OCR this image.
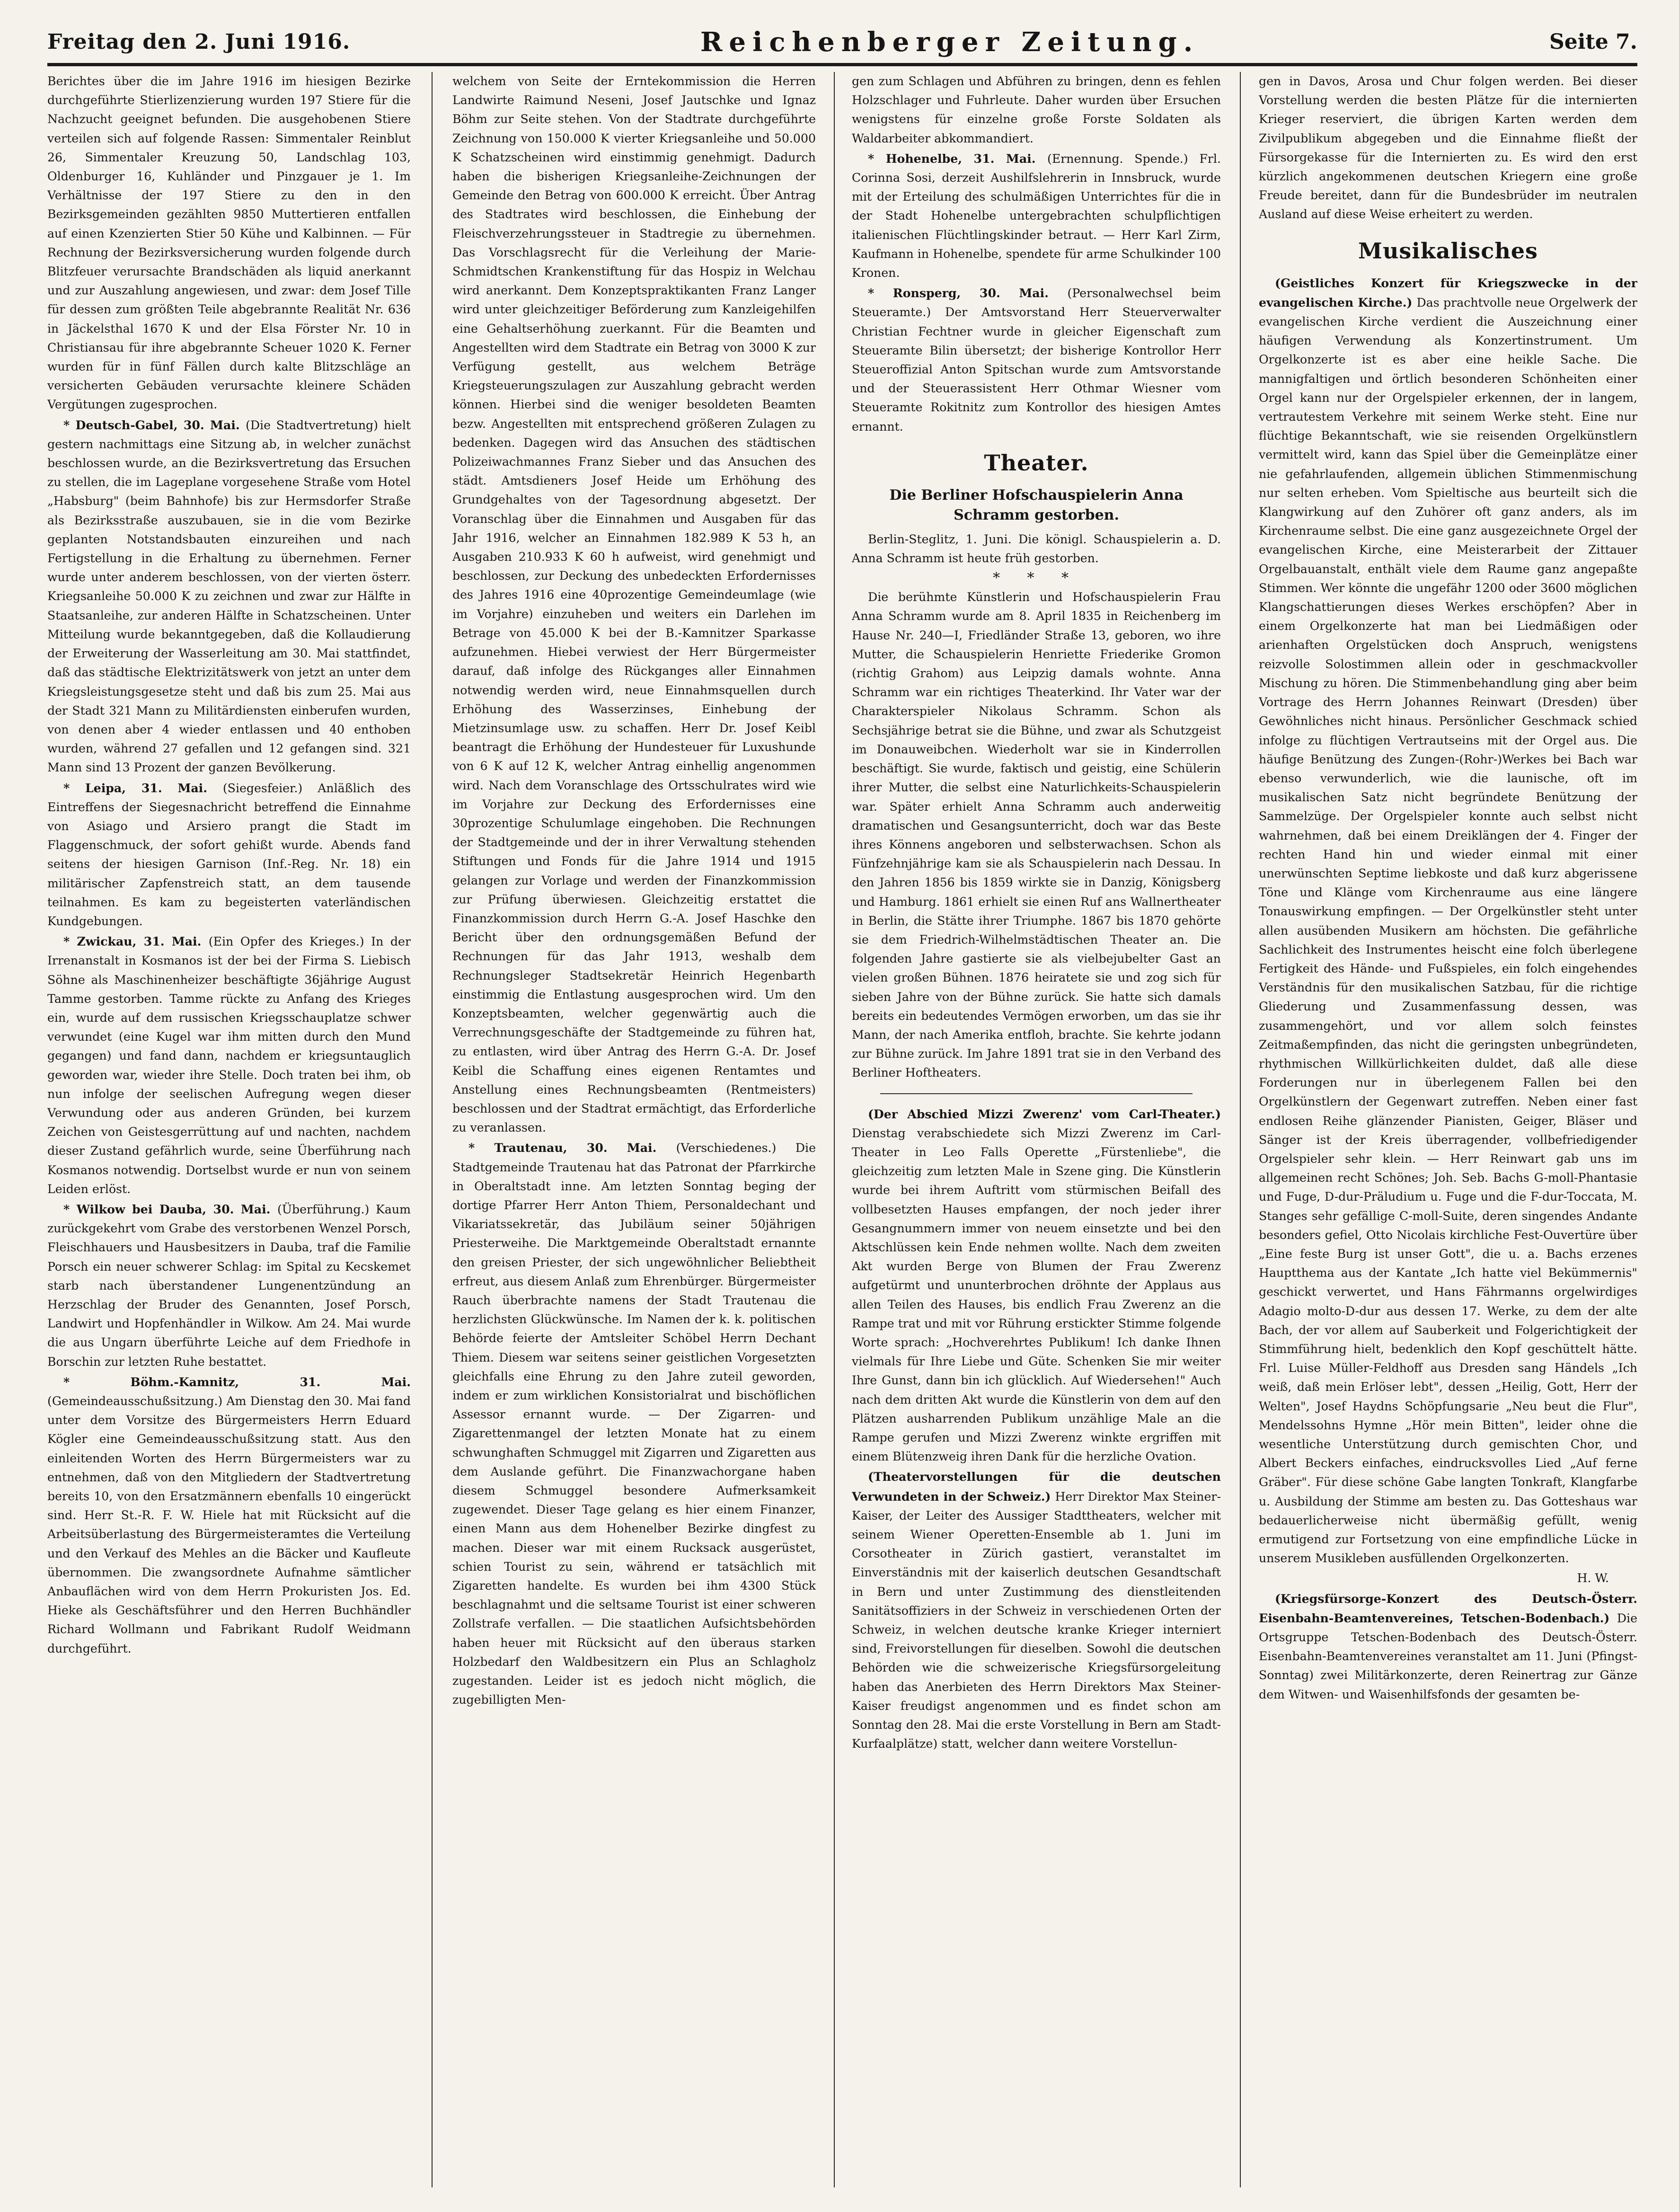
Freitag den 2. Juni 1916.	Reichenberger Zeitung.	Seite 7.

Berichtes über die im Jahre 1916 im hiesigen Bezirke durchgeführte Stierlizenzierung wurden 197 Stiere für die Nachzucht geeignet befunden. Die ausgehobenen Stiere verteilen sich auf folgende Rassen: Simmentaler Reinblut 26, Simmentaler Kreuzung 50, Landschlag 103, Oldenburger 16, Kuhländer und Pinzgauer je 1. Im Verhältnisse der 197 Stiere zu den in den Bezirksgemeinden gezählten 9850 Muttertieren entfallen auf einen Kzenzierten Stier 50 Kühe und Kalbinnen. — Für Rechnung der Bezirksversicherung wurden folgende durch Blitzfeuer verursachte Brandschäden als liquid anerkannt und zur Auszahlung angewiesen, und zwar: dem Josef Tille für dessen zum größten Teile abgebrannte Realität Nr. 636 in Jäckelsthal 1670 K und der Elsa Förster Nr. 10 in Christiansau für ihre abgebrannte Scheuer 1020 K. Ferner wurden für in fünf Fällen durch kalte Blitzschläge an versicherten Gebäuden verursachte kleinere Schäden Vergütungen zugesprochen.

* Deutsch-Gabel, 30. Mai. (Die Stadtvertretung) hielt gestern nachmittags eine Sitzung ab, in welcher zunächst beschlossen wurde, an die Bezirksvertretung das Ersuchen zu stellen, die im Lageplane vorgesehene Straße vom Hotel „Habsburg" (beim Bahnhofe) bis zur Hermsdorfer Straße als Bezirksstraße auszubauen, sie in die vom Bezirke geplanten Notstandsbauten einzureihen und nach Fertigstellung in die Erhaltung zu übernehmen. Ferner wurde unter anderem beschlossen, von der vierten österr. Kriegsanleihe 50.000 K zu zeichnen und zwar zur Hälfte in Staatsanleihe, zur anderen Hälfte in Schatzscheinen. Unter Mitteilung wurde bekanntgegeben, daß die Kollaudierung der Erweiterung der Wasserleitung am 30. Mai stattfindet, daß das städtische Elektrizitätswerk von jetzt an unter dem Kriegsleistungsgesetze steht und daß bis zum 25. Mai aus der Stadt 321 Mann zu Militärdiensten einberufen wurden, von denen aber 4 wieder entlassen und 40 enthoben wurden, während 27 gefallen und 12 gefangen sind. 321 Mann sind 13 Prozent der ganzen Bevölkerung.

* Leipa, 31. Mai. (Siegesfeier.) Anläßlich des Eintreffens der Siegesnachricht betreffend die Einnahme von Asiago und Arsiero prangt die Stadt im Flaggenschmuck, der sofort gehißt wurde. Abends fand seitens der hiesigen Garnison (Inf.-Reg. Nr. 18) ein militärischer Zapfenstreich statt, an dem tausende teilnahmen. Es kam zu begeisterten vaterländischen Kundgebungen.

* Zwickau, 31. Mai. (Ein Opfer des Krieges.) In der Irrenanstalt in Kosmanos ist der bei der Firma S. Liebisch Söhne als Maschinenheizer beschäftigte 36jährige August Tamme gestorben. Tamme rückte zu Anfang des Krieges ein, wurde auf dem russischen Kriegsschauplatze schwer verwundet (eine Kugel war ihm mitten durch den Mund gegangen) und fand dann, nachdem er kriegsuntauglich geworden war, wieder ihre Stelle. Doch traten bei ihm, ob nun infolge der seelischen Aufregung wegen dieser Verwundung oder aus anderen Gründen, bei kurzem Zeichen von Geistesgerrüttung auf und nachten, nachdem dieser Zustand gefährlich wurde, seine Überführung nach Kosmanos notwendig. Dortselbst wurde er nun von seinem Leiden erlöst.

* Wilkow bei Dauba, 30. Mai. (Überführung.) Kaum zurückgekehrt vom Grabe des verstorbenen Wenzel Porsch, Fleischhauers und Hausbesitzers in Dauba, traf die Familie Porsch ein neuer schwerer Schlag: im Spital zu Kecskemet starb nach überstandener Lungenentzündung an Herzschlag der Bruder des Genannten, Josef Porsch, Landwirt und Hopfenhändler in Wilkow. Am 24. Mai wurde die aus Ungarn überführte Leiche auf dem Friedhofe in Borschin zur letzten Ruhe bestattet.

* Böhm.-Kamnitz, 31. Mai. (Gemeindeausschußsitzung.) Am Dienstag den 30. Mai fand unter dem Vorsitze des Bürgermeisters Herrn Eduard Kögler eine Gemeindeausschußsitzung statt. Aus den einleitenden Worten des Herrn Bürgermeisters war zu entnehmen, daß von den Mitgliedern der Stadtvertretung bereits 10, von den Ersatzmännern ebenfalls 10 eingerückt sind. Herr St.-R. F. W. Hiele hat mit Rücksicht auf die Arbeitsüberlastung des Bürgermeisteramtes die Verteilung und den Verkauf des Mehles an die Bäcker und Kaufleute übernommen. Die zwangsordnete Aufnahme sämtlicher Anbauflächen wird von dem Herrn Prokuristen Jos. Ed. Hieke als Geschäftsführer und den Herren Buchhändler Richard Wollmann und Fabrikant Rudolf Weidmann durchgeführt.

welchem von Seite der Erntekommission die Herren Landwirte Raimund Neseni, Josef Jautschke und Ignaz Böhm zur Seite stehen. Von der Stadtrate durchgeführte Zeichnung von 150.000 K vierter Kriegsanleihe und 50.000 K Schatzscheinen wird einstimmig genehmigt. Dadurch haben die bisherigen Kriegsanleihe-Zeichnungen der Gemeinde den Betrag von 600.000 K erreicht. Über Antrag des Stadtrates wird beschlossen, die Einhebung der Fleischverzehrungssteuer in Stadtregie zu übernehmen. Das Vorschlagsrecht für die Verleihung der Marie-Schmidtschen Krankenstiftung für das Hospiz in Welchau wird anerkannt. Dem Konzeptspraktikanten Franz Langer wird unter gleichzeitiger Beförderung zum Kanzleigehilfen eine Gehaltserhöhung zuerkannt. Für die Beamten und Angestellten wird dem Stadtrate ein Betrag von 3000 K zur Verfügung gestellt, aus welchem Beträge Kriegsteuerungszulagen zur Auszahlung gebracht werden können. Hierbei sind die weniger besoldeten Beamten bezw. Angestellten mit entsprechend größeren Zulagen zu bedenken. Dagegen wird das Ansuchen des städtischen Polizeiwachmannes Franz Sieber und das Ansuchen des städt. Amtsdieners Josef Heide um Erhöhung des Grundgehaltes von der Tagesordnung abgesetzt. Der Voranschlag über die Einnahmen und Ausgaben für das Jahr 1916, welcher an Einnahmen 182.989 K 53 h, an Ausgaben 210.933 K 60 h aufweist, wird genehmigt und beschlossen, zur Deckung des unbedeckten Erfordernisses des Jahres 1916 eine 40prozentige Gemeindeumlage (wie im Vorjahre) einzuheben und weiters ein Darlehen im Betrage von 45.000 K bei der B.-Kamnitzer Sparkasse aufzunehmen. Hiebei verwiest der Herr Bürgermeister darauf, daß infolge des Rückganges aller Einnahmen notwendig werden wird, neue Einnahmsquellen durch Erhöhung des Wasserzinses, Einhebung der Mietzinsumlage usw. zu schaffen. Herr Dr. Josef Keibl beantragt die Erhöhung der Hundesteuer für Luxushunde von 6 K auf 12 K, welcher Antrag einhellig angenommen wird. Nach dem Voranschlage des Ortsschulrates wird wie im Vorjahre zur Deckung des Erfordernisses eine 30prozentige Schulumlage eingehoben. Die Rechnungen der Stadtgemeinde und der in ihrer Verwaltung stehenden Stiftungen und Fonds für die Jahre 1914 und 1915 gelangen zur Vorlage und werden der Finanzkommission zur Prüfung überwiesen. Gleichzeitig erstattet die Finanzkommission durch Herrn G.-A. Josef Haschke den Bericht über den ordnungsgemäßen Befund der Rechnungen für das Jahr 1913, weshalb dem Rechnungsleger Stadtsekretär Heinrich Hegenbarth einstimmig die Entlastung ausgesprochen wird. Um den Konzeptsbeamten, welcher gegenwärtig auch die Verrechnungsgeschäfte der Stadtgemeinde zu führen hat, zu entlasten, wird über Antrag des Herrn G.-A. Dr. Josef Keibl die Schaffung eines eigenen Rentamtes und Anstellung eines Rechnungsbeamten (Rentmeisters) beschlossen und der Stadtrat ermächtigt, das Erforderliche zu veranlassen.

* Trautenau, 30. Mai. (Verschiedenes.) Die Stadtgemeinde Trautenau hat das Patronat der Pfarrkirche in Oberaltstadt inne. Am letzten Sonntag beging der dortige Pfarrer Herr Anton Thiem, Personaldechant und Vikariatssekretär, das Jubiläum seiner 50jährigen Priesterweihe. Die Marktgemeinde Oberaltstadt ernannte den greisen Priester, der sich ungewöhnlicher Beliebtheit erfreut, aus diesem Anlaß zum Ehrenbürger. Bürgermeister Rauch überbrachte namens der Stadt Trautenau die herzlichsten Glückwünsche. Im Namen der k. k. politischen Behörde feierte der Amtsleiter Schöbel Herrn Dechant Thiem. Diesem war seitens seiner geistlichen Vorgesetzten gleichfalls eine Ehrung zu den Jahre zuteil geworden, indem er zum wirklichen Konsistorialrat und bischöflichen Assessor ernannt wurde. — Der Zigarren- und Zigarettenmangel der letzten Monate hat zu einem schwunghaften Schmuggel mit Zigarren und Zigaretten aus dem Auslande geführt. Die Finanzwachorgane haben diesem Schmuggel besondere Aufmerksamkeit zugewendet. Dieser Tage gelang es hier einem Finanzer, einen Mann aus dem Hohenelber Bezirke dingfest zu machen. Dieser war mit einem Rucksack ausgerüstet, schien Tourist zu sein, während er tatsächlich mit Zigaretten handelte. Es wurden bei ihm 4300 Stück beschlagnahmt und die seltsame Tourist ist einer schweren Zollstrafe verfallen. — Die staatlichen Aufsichtsbehörden haben heuer mit Rücksicht auf den überaus starken Holzbedarf den Waldbesitzern ein Plus an Schlagholz zugestanden. Leider ist es jedoch nicht möglich, die zugebilligten Men-

gen zum Schlagen und Abführen zu bringen, denn es fehlen Holzschlager und Fuhrleute. Daher wurden über Ersuchen wenigstens für einzelne große Forste Soldaten als Waldarbeiter abkommandiert.

* Hohenelbe, 31. Mai. (Ernennung. Spende.) Frl. Corinna Sosi, derzeit Aushilfslehrerin in Innsbruck, wurde mit der Erteilung des schulmäßigen Unterrichtes für die in der Stadt Hohenelbe untergebrachten schulpflichtigen italienischen Flüchtlingskinder betraut. — Herr Karl Zirm, Kaufmann in Hohenelbe, spendete für arme Schulkinder 100 Kronen.

* Ronsperg, 30. Mai. (Personalwechsel beim Steueramte.) Der Amtsvorstand Herr Steuerverwalter Christian Fechtner wurde in gleicher Eigenschaft zum Steueramte Bilin übersetzt; der bisherige Kontrollor Herr Steueroffizial Anton Spitschan wurde zum Amtsvorstande und der Steuerassistent Herr Othmar Wiesner vom Steueramte Rokitnitz zum Kontrollor des hiesigen Amtes ernannt.

Theater.
Die Berliner Hofschauspielerin Anna Schramm gestorben.

Berlin-Steglitz, 1. Juni. Die königl. Schauspielerin a. D. Anna Schramm ist heute früh gestorben.

* * *

Die berühmte Künstlerin und Hofschauspielerin Frau Anna Schramm wurde am 8. April 1835 in Reichenberg im Hause Nr. 240—I, Friedländer Straße 13, geboren, wo ihre Mutter, die Schauspielerin Henriette Friederike Gromon (richtig Grahom) aus Leipzig damals wohnte. Anna Schramm war ein richtiges Theaterkind. Ihr Vater war der Charakterspieler Nikolaus Schramm. Schon als Sechsjährige betrat sie die Bühne, und zwar als Schutzgeist im Donauweibchen. Wiederholt war sie in Kinderrollen beschäftigt. Sie wurde, faktisch und geistig, eine Schülerin ihrer Mutter, die selbst eine Naturlichkeits-Schauspielerin war. Später erhielt Anna Schramm auch anderweitig dramatischen und Gesangsunterricht, doch war das Beste ihres Könnens angeboren und selbsterwachsen. Schon als Fünfzehnjährige kam sie als Schauspielerin nach Dessau. In den Jahren 1856 bis 1859 wirkte sie in Danzig, Königsberg und Hamburg. 1861 erhielt sie einen Ruf ans Wallnertheater in Berlin, die Stätte ihrer Triumphe. 1867 bis 1870 gehörte sie dem Friedrich-Wilhelmstädtischen Theater an. Die folgenden Jahre gastierte sie als vielbejubelter Gast an vielen großen Bühnen. 1876 heiratete sie und zog sich für sieben Jahre von der Bühne zurück. Sie hatte sich damals bereits ein bedeutendes Vermögen erworben, um das sie ihr Mann, der nach Amerika entfloh, brachte. Sie kehrte jodann zur Bühne zurück. Im Jahre 1891 trat sie in den Verband des Berliner Hoftheaters.

(Der Abschied Mizzi Zwerenz' vom Carl-Theater.) Dienstag verabschiedete sich Mizzi Zwerenz im Carl-Theater in Leo Falls Operette „Fürstenliebe", die gleichzeitig zum letzten Male in Szene ging. Die Künstlerin wurde bei ihrem Auftritt vom stürmischen Beifall des vollbesetzten Hauses empfangen, der noch jeder ihrer Gesangnummern immer von neuem einsetzte und bei den Aktschlüssen kein Ende nehmen wollte. Nach dem zweiten Akt wurden Berge von Blumen der Frau Zwerenz aufgetürmt und ununterbrochen dröhnte der Applaus aus allen Teilen des Hauses, bis endlich Frau Zwerenz an die Rampe trat und mit vor Rührung erstickter Stimme folgende Worte sprach: „Hochverehrtes Publikum! Ich danke Ihnen vielmals für Ihre Liebe und Güte. Schenken Sie mir weiter Ihre Gunst, dann bin ich glücklich. Auf Wiedersehen!" Auch nach dem dritten Akt wurde die Künstlerin von dem auf den Plätzen ausharrenden Publikum unzählige Male an die Rampe gerufen und Mizzi Zwerenz winkte ergriffen mit einem Blütenzweig ihren Dank für die herzliche Ovation.

(Theatervorstellungen für die deutschen Verwundeten in der Schweiz.) Herr Direktor Max Steiner-Kaiser, der Leiter des Aussiger Stadttheaters, welcher mit seinem Wiener Operetten-Ensemble ab 1. Juni im Corsotheater in Zürich gastiert, veranstaltet im Einverständnis mit der kaiserlich deutschen Gesandtschaft in Bern und unter Zustimmung des dienstleitenden Sanitätsoffiziers in der Schweiz in verschiedenen Orten der Schweiz, in welchen deutsche kranke Krieger interniert sind, Freivorstellungen für dieselben. Sowohl die deutschen Behörden wie die schweizerische Kriegsfürsorgeleitung haben das Anerbieten des Herrn Direktors Max Steiner-Kaiser freudigst angenommen und es findet schon am Sonntag den 28. Mai die erste Vorstellung in Bern am Stadt-Kurfaalplätze) statt, welcher dann weitere Vorstellun-

gen in Davos, Arosa und Chur folgen werden. Bei dieser Vorstellung werden die besten Plätze für die internierten Krieger reserviert, die übrigen Karten werden dem Zivilpublikum abgegeben und die Einnahme fließt der Fürsorgekasse für die Internierten zu. Es wird den erst kürzlich angekommenen deutschen Kriegern eine große Freude bereitet, dann für die Bundesbrüder im neutralen Ausland auf diese Weise erheitert zu werden.

Musikalisches

(Geistliches Konzert für Kriegszwecke in der evangelischen Kirche.) Das prachtvolle neue Orgelwerk der evangelischen Kirche verdient die Auszeichnung einer häufigen Verwendung als Konzertinstrument. Um Orgelkonzerte ist es aber eine heikle Sache. Die mannigfaltigen und örtlich besonderen Schönheiten einer Orgel kann nur der Orgelspieler erkennen, der in langem, vertrautestem Verkehre mit seinem Werke steht. Eine nur flüchtige Bekanntschaft, wie sie reisenden Orgelkünstlern vermittelt wird, kann das Spiel über die Gemeinplätze einer nie gefahrlaufenden, allgemein üblichen Stimmenmischung nur selten erheben. Vom Spieltische aus beurteilt sich die Klangwirkung auf den Zuhörer oft ganz anders, als im Kirchenraume selbst. Die eine ganz ausgezeichnete Orgel der evangelischen Kirche, eine Meisterarbeit der Zittauer Orgelbauanstalt, enthält viele dem Raume ganz angepaßte Stimmen. Wer könnte die ungefähr 1200 oder 3600 möglichen Klangschattierungen dieses Werkes erschöpfen? Aber in einem Orgelkonzerte hat man bei Liedmäßigen oder arienhaften Orgelstücken doch Anspruch, wenigstens reizvolle Solostimmen allein oder in geschmackvoller Mischung zu hören. Die Stimmenbehandlung ging aber beim Vortrage des Herrn Johannes Reinwart (Dresden) über Gewöhnliches nicht hinaus. Persönlicher Geschmack schied infolge zu flüchtigen Vertrautseins mit der Orgel aus. Die häufige Benützung des Zungen-(Rohr-)Werkes bei Bach war ebenso verwunderlich, wie die launische, oft im musikalischen Satz nicht begründete Benützung der Sammelzüge. Der Orgelspieler konnte auch selbst nicht wahrnehmen, daß bei einem Dreiklängen der 4. Finger der rechten Hand hin und wieder einmal mit einer unerwünschten Septime liebkoste und daß kurz abgerissene Töne und Klänge vom Kirchenraume aus eine längere Tonauswirkung empfingen. — Der Orgelkünstler steht unter allen ausübenden Musikern am höchsten. Die gefährliche Sachlichkeit des Instrumentes heischt eine folch überlegene Fertigkeit des Hände- und Fußspieles, ein folch eingehendes Verständnis für den musikalischen Satzbau, für die richtige Gliederung und Zusammenfassung dessen, was zusammengehört, und vor allem solch feinstes Zeitmaßempfinden, das nicht die geringsten unbegründeten, rhythmischen Willkürlichkeiten duldet, daß alle diese Forderungen nur in überlegenem Fallen bei den Orgelkünstlern der Gegenwart zutreffen. Neben einer fast endlosen Reihe glänzender Pianisten, Geiger, Bläser und Sänger ist der Kreis überragender, vollbefriedigender Orgelspieler sehr klein. — Herr Reinwart gab uns im allgemeinen recht Schönes; Joh. Seb. Bachs G-moll-Phantasie und Fuge, D-dur-Präludium u. Fuge und die F-dur-Toccata, M. Stanges sehr gefällige C-moll-Suite, deren singendes Andante besonders gefiel, Otto Nicolais kirchliche Fest-Ouvertüre über „Eine feste Burg ist unser Gott", die u. a. Bachs erzenes Hauptthema aus der Kantate „Ich hatte viel Bekümmernis" geschickt verwertet, und Hans Fährmanns orgelwirdiges Adagio molto-D-dur aus dessen 17. Werke, zu dem der alte Bach, der vor allem auf Sauberkeit und Folgerichtigkeit der Stimmführung hielt, bedenklich den Kopf geschüttelt hätte. Frl. Luise Müller-Feldhoff aus Dresden sang Händels „Ich weiß, daß mein Erlöser lebt", dessen „Heilig, Gott, Herr der Welten", Josef Haydns Schöpfungsarie „Neu beut die Flur", Mendelssohns Hymne „Hör mein Bitten", leider ohne die wesentliche Unterstützung durch gemischten Chor, und Albert Beckers einfaches, eindrucksvolles Lied „Auf ferne Gräber". Für diese schöne Gabe langten Tonkraft, Klangfarbe u. Ausbildung der Stimme am besten zu. Das Gotteshaus war bedauerlicherweise nicht übermäßig gefüllt, wenig ermutigend zur Fortsetzung von eine empfindliche Lücke in unserem Musikleben ausfüllenden Orgelkonzerten.

H. W.

(Kriegsfürsorge-Konzert des Deutsch-Österr. Eisenbahn-Beamtenvereines, Tetschen-Bodenbach.) Die Ortsgruppe Tetschen-Bodenbach des Deutsch-Österr. Eisenbahn-Beamtenvereines veranstaltet am 11. Juni (Pfingst-Sonntag) zwei Militärkonzerte, deren Reinertrag zur Gänze dem Witwen- und Waisenhilfsfonds der gesamten be-
